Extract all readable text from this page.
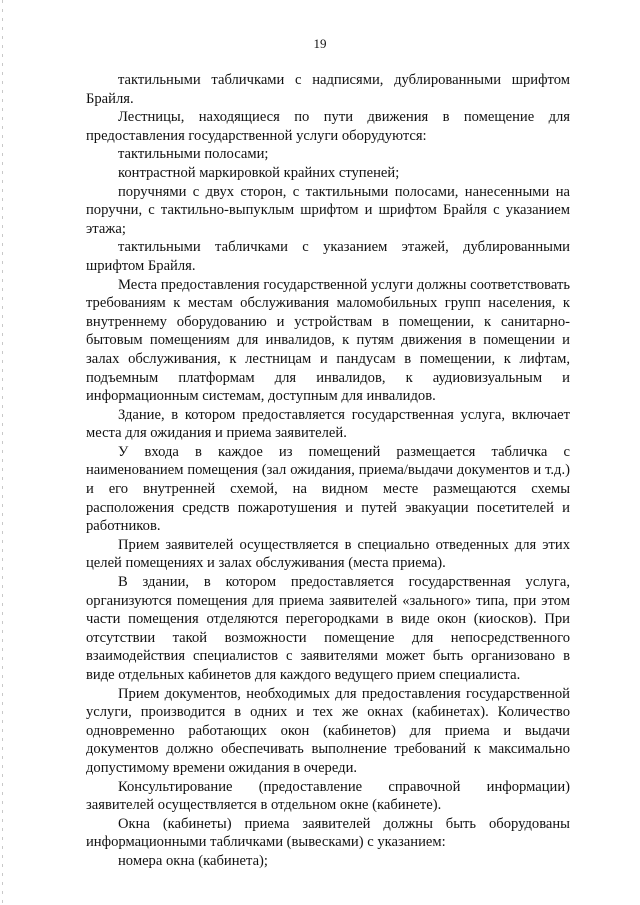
19

тактильными табличками с надписями, дублированными шрифтом Брайля.

Лестницы, находящиеся по пути движения в помещение для предоставления государственной услуги оборудуются:

тактильными полосами;

контрастной маркировкой крайних ступеней;

поручнями с двух сторон, с тактильными полосами, нанесенными на поручни, с тактильно-выпуклым шрифтом и шрифтом Брайля с указанием этажа;

тактильными табличками с указанием этажей, дублированными шрифтом Брайля.

Места предоставления государственной услуги должны соответствовать требованиям к местам обслуживания маломобильных групп населения, к внутреннему оборудованию и устройствам в помещении, к санитарно-бытовым помещениям для инвалидов, к путям движения в помещении и залах обслуживания, к лестницам и пандусам в помещении, к лифтам, подъемным платформам для инвалидов, к аудиовизуальным и информационным системам, доступным для инвалидов.

Здание, в котором предоставляется государственная услуга, включает места для ожидания и приема заявителей.

У входа в каждое из помещений размещается табличка с наименованием помещения (зал ожидания, приема/выдачи документов и т.д.) и его внутренней схемой, на видном месте размещаются схемы расположения средств пожаротушения и путей эвакуации посетителей и работников.

Прием заявителей осуществляется в специально отведенных для этих целей помещениях и залах обслуживания (места приема).

В здании, в котором предоставляется государственная услуга, организуются помещения для приема заявителей «зального» типа, при этом части помещения отделяются перегородками в виде окон (киосков). При отсутствии такой возможности помещение для непосредственного взаимодействия специалистов с заявителями может быть организовано в виде отдельных кабинетов для каждого ведущего прием специалиста.

Прием документов, необходимых для предоставления государственной услуги, производится в одних и тех же окнах (кабинетах). Количество одновременно работающих окон (кабинетов) для приема и выдачи документов должно обеспечивать выполнение требований к максимально допустимому времени ожидания в очереди.

Консультирование (предоставление справочной информации) заявителей осуществляется в отдельном окне (кабинете).

Окна (кабинеты) приема заявителей должны быть оборудованы информационными табличками (вывесками) с указанием:

номера окна (кабинета);
